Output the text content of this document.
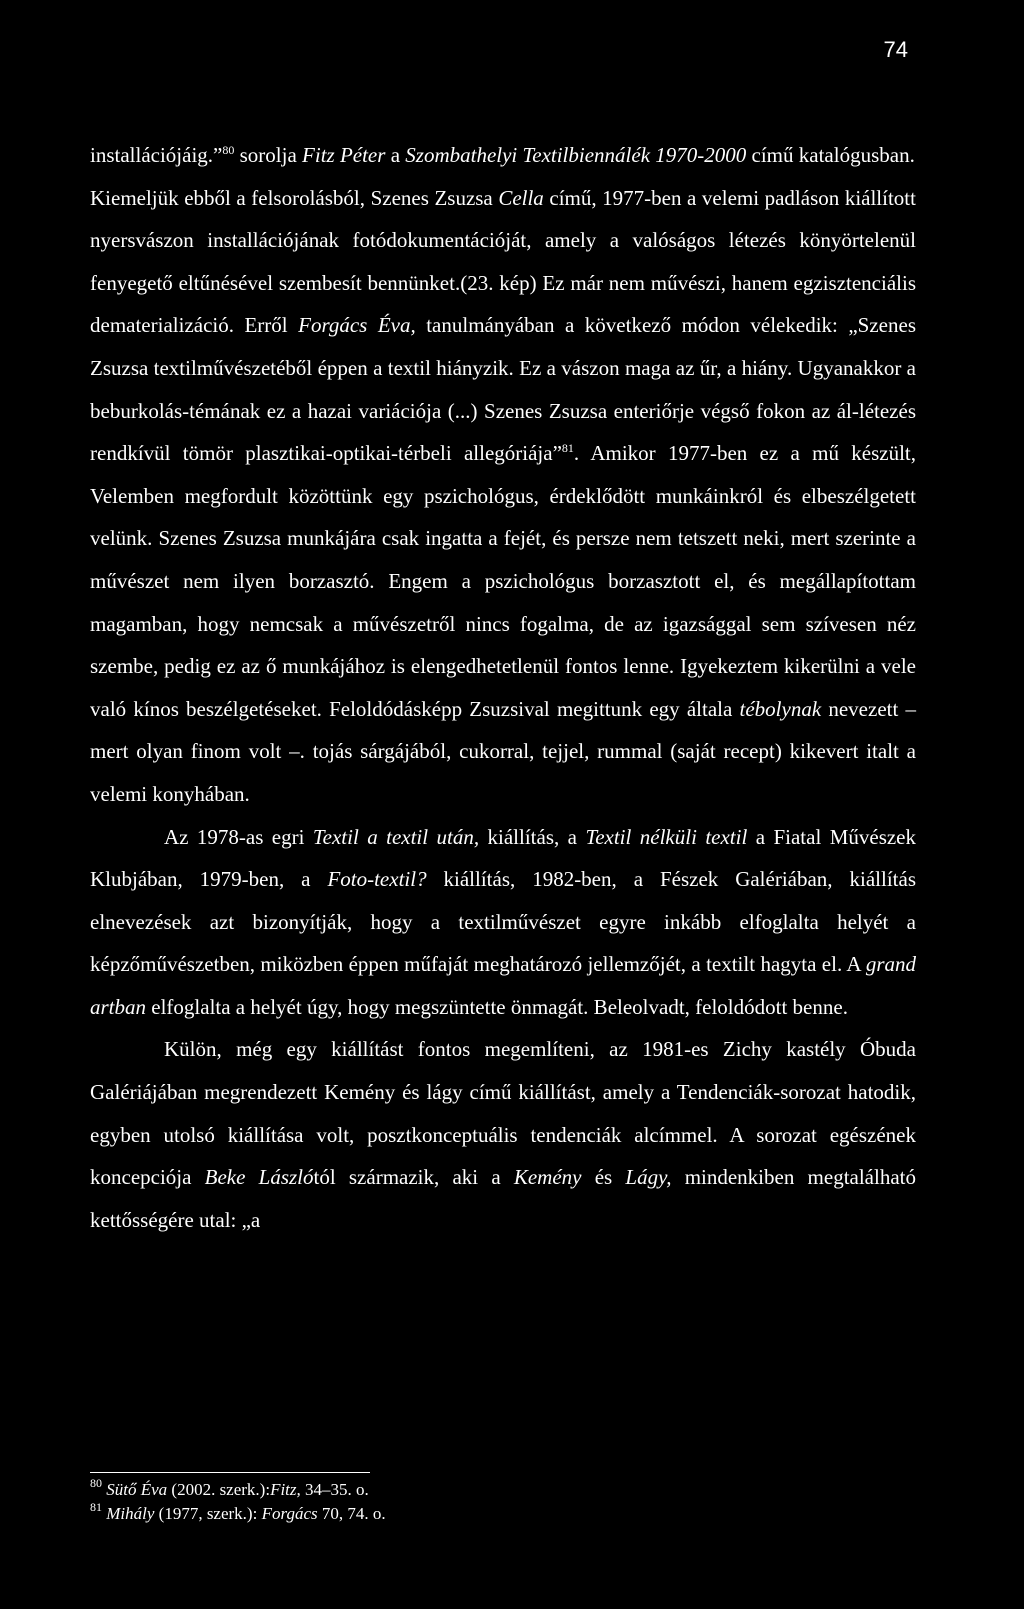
74

installációjáig.”$^{80}$ sorolja Fitz Péter a Szombathelyi Textilbiennálék 1970-2000 című katalógusban.

Kiemeljük ebből a felsorolásból, Szenes Zsuzsa Cella című, 1977-ben a velemi padláson kiállított nyersvászon installációjának fotódokumentációját, amely a valóságos létezés könyörtelenül fenyegető eltűnésével szembesít bennünket.(23. kép) Ez már nem művészi, hanem egzisztenciális dematerializáció. Erről Forgács Éva, tanulmányában a következő módon vélekedik: „Szenes Zsuzsa textilművészetéből éppen a textil hiányzik. Ez a vászon maga az űr, a hiány. Ugyanakkor a beburkolás-témának ez a hazai variációja (...) Szenes Zsuzsa enteriőrje végső fokon az ál-létezés rendkívül tömör plasztikai-optikai-térbeli allegóriája”$^{81}$. Amikor 1977-ben ez a mű készült, Velemben megfordult közöttünk egy pszichológus, érdeklődött munkáinkról és elbeszélgetett velünk. Szenes Zsuzsa munkájára csak ingatta a fejét, és persze nem tetszett neki, mert szerinte a művészet nem ilyen borzasztó. Engem a pszichológus borzasztott el, és megállapítottam magamban, hogy nemcsak a művészetről nincs fogalma, de az igazsággal sem szívesen néz szembe, pedig ez az ő munkájához is elengedhetetlenül fontos lenne. Igyekeztem kikerülni a vele való kínos beszélgetéseket. Feloldódásképp Zsuzsival megittunk egy általa tébolynak nevezett – mert olyan finom volt –. tojás sárgájából, cukorral, tejjel, rummal (saját recept) kikevert italt a velemi konyhában.

Az 1978-as egri Textil a textil után, kiállítás, a Textil nélküli textil a Fiatal Művészek Klubjában, 1979-ben, a Foto-textil? kiállítás, 1982-ben, a Fészek Galériában, kiállítás elnevezések azt bizonyítják, hogy a textilművészet egyre inkább elfoglalta helyét a képzőművészetben, miközben éppen műfaját meghatározó jellemzőjét, a textilt hagyta el. A grand artban elfoglalta a helyét úgy, hogy megszüntette önmagát. Beleolvadt, feloldódott benne.

Külön, még egy kiállítást fontos megemlíteni, az 1981-es Zichy kastély Óbuda Galériájában megrendezett Kemény és lágy című kiállítást, amely a Tendenciák-sorozat hatodik, egyben utolsó kiállítása volt, posztkonceptuális tendenciák alcímmel. A sorozat egészének koncepciója Beke Lászlótól származik, aki a Kemény és Lágy, mindenkiben megtalálható kettősségére utal: „a

$^{80}$ Sütő Éva (2002. szerk.):Fitz, 34–35. o.

$^{81}$ Mihály (1977, szerk.): Forgács 70, 74. o.
